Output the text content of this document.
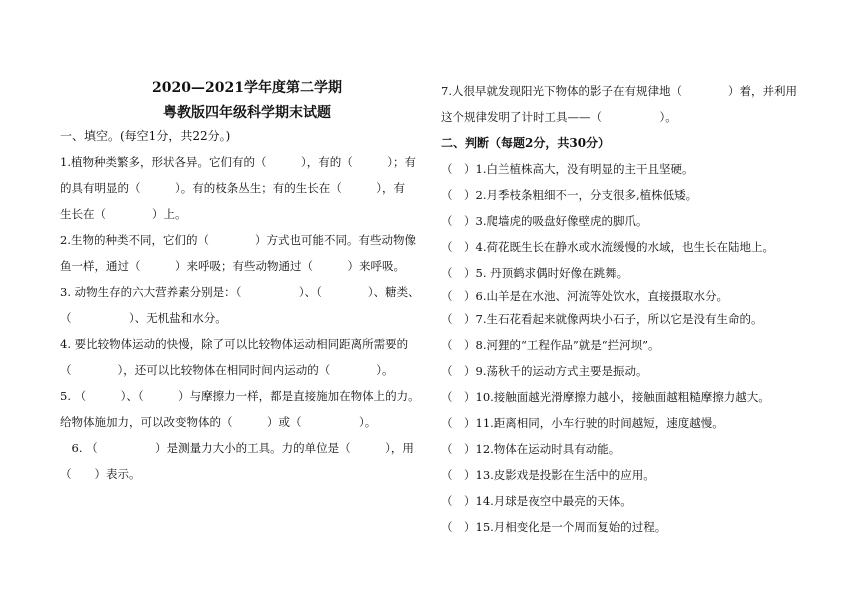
2020—2021学年度第二学期

粤教版四年级科学期末试题

一、填空。(每空1分，共22分。)

1.植物种类繁多，形状各异。它们有的（　　　），有的（　　　）；有

的具有明显的（　　　）。有的枝条丛生；有的生长在（　　　），有

生长在（　　　　）上。

2.生物的种类不同，它们的（　　　　）方式也可能不同。有些动物像

鱼一样，通过（　　　）来呼吸；有些动物通过（　　　）来呼吸。

3. 动物生存的六大营养素分别是：（　　　　　）、（　　　　）、糖类、

（　　　　　）、无机盐和水分。

4. 要比较物体运动的快慢，除了可以比较物体运动相同距离所需要的

（　　　　），还可以比较物体在相同时间内运动的（　　　　）。

5. （　　　）、（　　　）与摩擦力一样，都是直接施加在物体上的力。

给物体施加力，可以改变物体的（　　　）或（　　　　　）。

　6. （　　　　　）是测量力大小的工具。力的单位是（　　　），用

（　　）表示。

7.人很早就发现阳光下物体的影子在有规律地（　　　　）着，并利用

这个规律发明了计时工具——（　　　　　）。

二、判断（每题2分，共30分）

（　）1.白兰植株高大，没有明显的主干且坚硬。

（　）2.月季枝条粗细不一，分支很多,植株低矮。

（　）3.爬墙虎的吸盘好像壁虎的脚爪。

（　）4.荷花既生长在静水或水流缓慢的水域，也生长在陆地上。

（　）5. 丹顶鹤求偶时好像在跳舞。

（　）6.山羊是在水池、河流等处饮水，直接摄取水分。

（　）7.生石花看起来就像两块小石子，所以它是没有生命的。

（　）8.河狸的“工程作品”就是“拦河坝”。

（　）9.荡秋千的运动方式主要是振动。

（　）10.接触面越光滑摩擦力越小，接触面越粗糙摩擦力越大。

（　）11.距离相同，小车行驶的时间越短，速度越慢。

（　）12.物体在运动时具有动能。

（　）13.皮影戏是投影在生活中的应用。

（　）14.月球是夜空中最亮的天体。

（　）15.月相变化是一个周而复始的过程。
